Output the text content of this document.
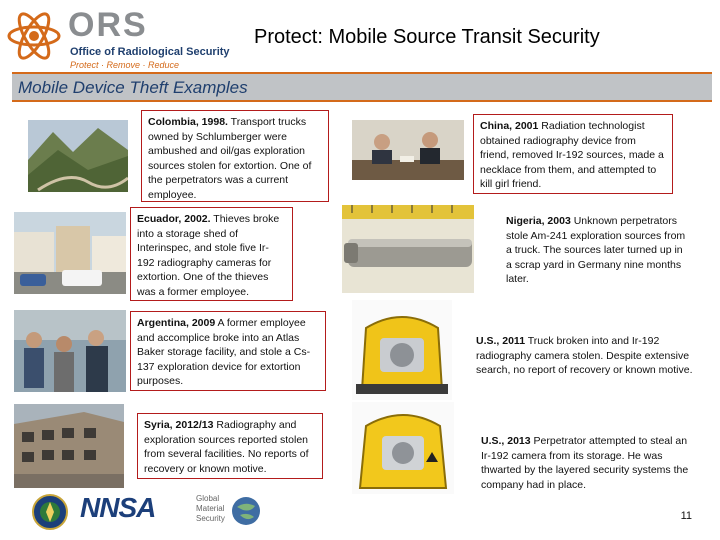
ORS
Office of Radiological Security
Protect · Remove · Reduce
Protect: Mobile Source Transit Security
Mobile Device Theft Examples
Colombia, 1998. Transport trucks owned by Schlumberger were ambushed and oil/gas exploration sources stolen for extortion. One of the perpetrators was a current employee.
Ecuador, 2002. Thieves broke into a storage shed of Interinspec, and stole five Ir-192 radiography cameras for extortion. One of the thieves was a former employee.
Argentina, 2009 A former employee and accomplice broke into an Atlas Baker storage facility, and stole a Cs-137 exploration device for extortion purposes.
Syria, 2012/13 Radiography and exploration sources reported stolen from several facilities. No reports of recovery or known motive.
China, 2001 Radiation technologist obtained radiography device from friend, removed Ir-192 sources, made a necklace from them, and attempted to kill girl friend.
Nigeria, 2003 Unknown perpetrators stole Am-241 exploration sources from a truck. The sources later turned up in a scrap yard in Germany nine months later.
U.S., 2011 Truck broken into and Ir-192 radiography camera stolen. Despite extensive search, no report of recovery or known motive.
U.S., 2013 Perpetrator attempted to steal an Ir-192 camera from its storage. He was thwarted by the layered security systems the company had in place.
NNSA	Global Material Security	11
